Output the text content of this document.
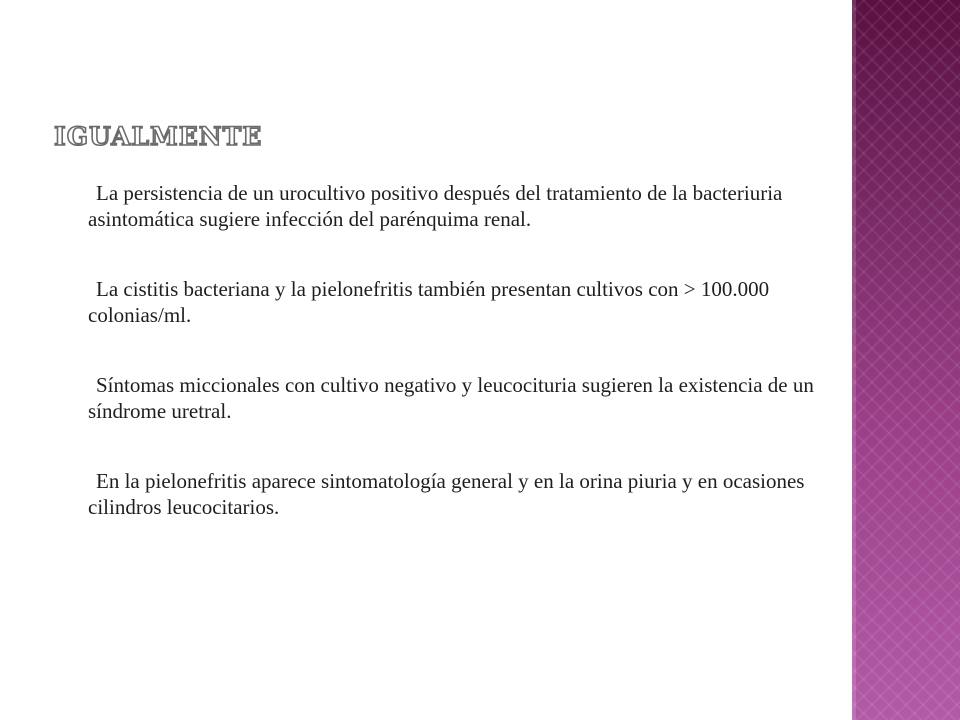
IGUALMENTE

La persistencia de un urocultivo positivo después del tratamiento de la bacteriuria asintomática sugiere infección del parénquima renal.

La cistitis bacteriana y la pielonefritis también presentan cultivos con > 100.000 colonias/ml.

Síntomas miccionales con cultivo negativo y leucocituria sugieren la existencia de un síndrome uretral.

En la pielonefritis aparece sintomatología general y en la orina piuria y en ocasiones cilindros leucocitarios.
